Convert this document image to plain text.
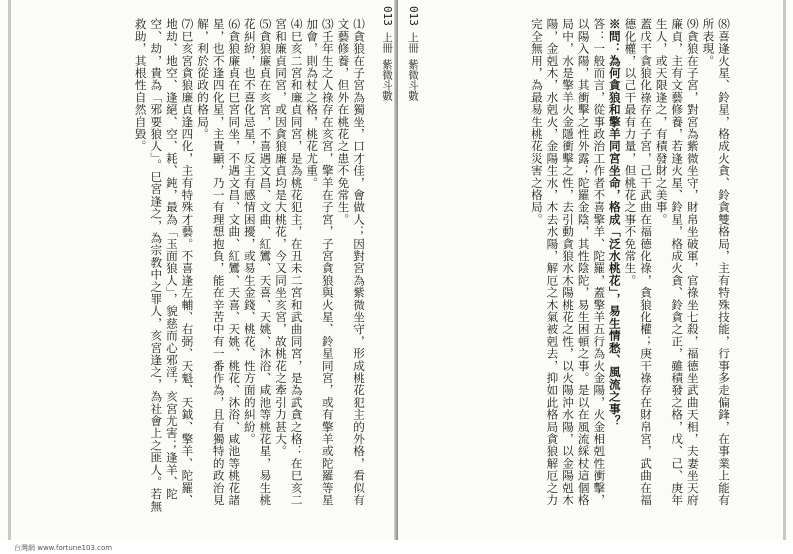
013
上冊
紫微斗數

⑴貪狼在子宮為獨坐，口才佳，會做人；因對宮為紫微坐守，形成桃花犯主的外格，看似有文藝修養，但外在桃花之患不免常生。

⑶壬年生之人祿存在亥宮，擎羊在子宮，子宮貪狼與火星、鈴星同宮，或有擎羊或陀羅等星加會，則為杖之格，桃花尤重。

⑷巳亥二宮和廉貞同宮，是為桃花犯主，在丑未二宮和武曲同宮，是為武貪之格：在巳亥二宮和廉貞同宮，或因貪狼廉貞均是大桃花，今又同坐亥宮，故桃花之牽引力甚大。

⑸貪狼廉貞在亥宮，不喜遇文昌、文曲、紅鸞、天喜、天姚、沐浴、咸池等桃花星，易生桃花糾紛，也不喜化忌星，反主有感情困擾，或易生金錢、桃花、性方面的糾紛。

⑹貪狼廉貞在巳宮同坐，不遇文昌、文曲、紅鸞、天喜、天姚、桃花、沐浴、咸池等桃花諸星，也不逢四化星，主貴顯，乃一有理想抱負，能在辛苦中有一番作為，且有獨特的政治見解，利於從政的格局。

⑺巳亥宮貪狼廉貞逢四化，主有特殊才藝。不喜逢左輔、右弼、天魁、天鉞、擎羊、陀羅、地劫、地空、逢絕、空、耗、鈍，最為「玉面狼人」，貌慈而心邪淫，亥宮尤害；逢羊、陀空、劫，貴為「邪要狼人」。巳宮逢之，為宗教中之罪人，亥宮逢之，為社會上之匪人。若無救助，其根性自然自毀。

013
上冊
紫微斗數	⑻喜逢火星、鈴星，格成火貪、鈴貪雙格局，主有特殊技能，行事多走偏鋒，在事業上能有所表現。

⑼貪狼在子宮，對宮為紫微坐守，財帛坐破軍，官祿坐七殺，福德坐武曲天相，夫妻坐天府廉貞，主有文藝修養，若逢火星、鈴星，格成火貪、鈴貪之正，雖積發之格，戊、己、庚年生人，或天限逢之，有積發財之美事。

蓋戊干貪狼化祿存在子宮，己干武曲在福德化祿，貪狼化權；庚干祿存在財帛宮，武曲在福德化權，以己干最有力量，但桃花之事不免常生。

※問：為何貪狼和擎羊同宮坐命，格成「泛水桃花」，易生情愁、風流之事？

答：一般而言，從事政治工作者不喜擎羊、陀羅，蓋擎羊五行為火金陽，火金相剋性衝擊，以陽入陽，其衝擊之性外露；陀羅金陰，其性陰陀，易生困頓之事。是以在風流綵杖這個格局中，水是擎羊火金隱衝擊之性，去引動貪狼水木陽桃花之性，以火陽沖水陽，以金陽剋木陽，金剋木，水剋火，金陽生水，木去水陽，解厄之木氣被剋去，抑如此格局貪狼解厄之力完全無用，為最易生桃花災害之格局。

台灣網 www.fortune103.com
